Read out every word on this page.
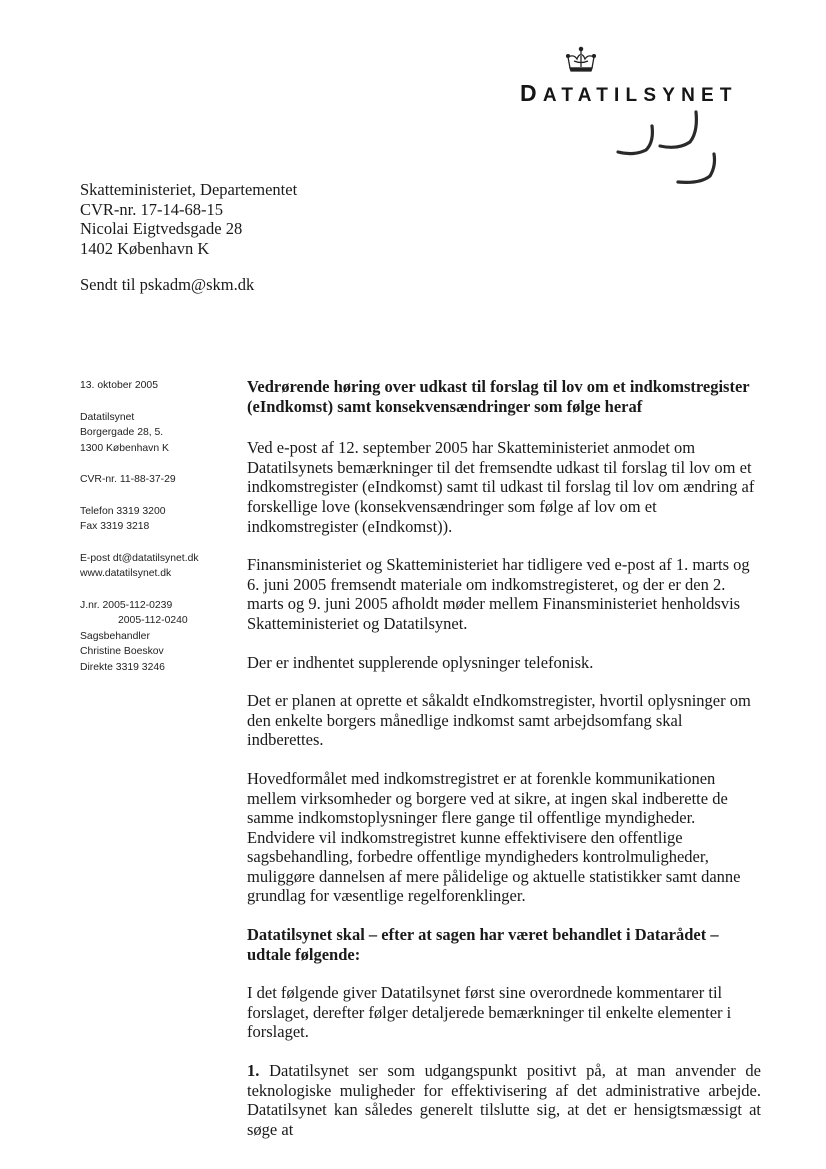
DATATILSYNET
Skatteministeriet, Departementet
CVR-nr. 17-14-68-15
Nicolai Eigtvedsgade 28
1402 København K
Sendt til pskadm@skm.dk
13. oktober 2005
Datatilsynet
Borgergade 28, 5.
1300 København K
CVR-nr. 11-88-37-29
Telefon 3319 3200
Fax 3319 3218
E-post dt@datatilsynet.dk
www.datatilsynet.dk
J.nr. 2005-112-0239
2005-112-0240
Sagsbehandler
Christine Boeskov
Direkte 3319 3246

Vedrørende høring over udkast til forslag til lov om et indkomstregister (eIndkomst) samt konsekvensændringer som følge heraf

Ved e-post af 12. september 2005 har Skatteministeriet anmodet om Datatilsynets bemærkninger til det fremsendte udkast til forslag til lov om et indkomstregister (eIndkomst) samt til udkast til forslag til lov om ændring af forskellige love (konsekvensændringer som følge af lov om et indkomstregister (eIndkomst)).

Finansministeriet og Skatteministeriet har tidligere ved e-post af 1. marts og 6. juni 2005 fremsendt materiale om indkomstregisteret, og der er den 2. marts og 9. juni 2005 afholdt møder mellem Finansministeriet henholdsvis Skatteministeriet og Datatilsynet.

Der er indhentet supplerende oplysninger telefonisk.

Det er planen at oprette et såkaldt eIndkomstregister, hvortil oplysninger om den enkelte borgers månedlige indkomst samt arbejdsomfang skal indberettes.

Hovedformålet med indkomstregistret er at forenkle kommunikationen mellem virksomheder og borgere ved at sikre, at ingen skal indberette de samme indkomstoplysninger flere gange til offentlige myndigheder. Endvidere vil indkomstregistret kunne effektivisere den offentlige sagsbehandling, forbedre offentlige myndigheders kontrolmuligheder, muliggøre dannelsen af mere pålidelige og aktuelle statistikker samt danne grundlag for væsentlige regelforenklinger.

Datatilsynet skal – efter at sagen har været behandlet i Datarådet – udtale følgende:

I det følgende giver Datatilsynet først sine overordnede kommentarer til forslaget, derefter følger detaljerede bemærkninger til enkelte elementer i forslaget.

1. Datatilsynet ser som udgangspunkt positivt på, at man anvender de teknologiske muligheder for effektivisering af det administrative arbejde. Datatilsynet kan således generelt tilslutte sig, at det er hensigtsmæssigt at søge at
